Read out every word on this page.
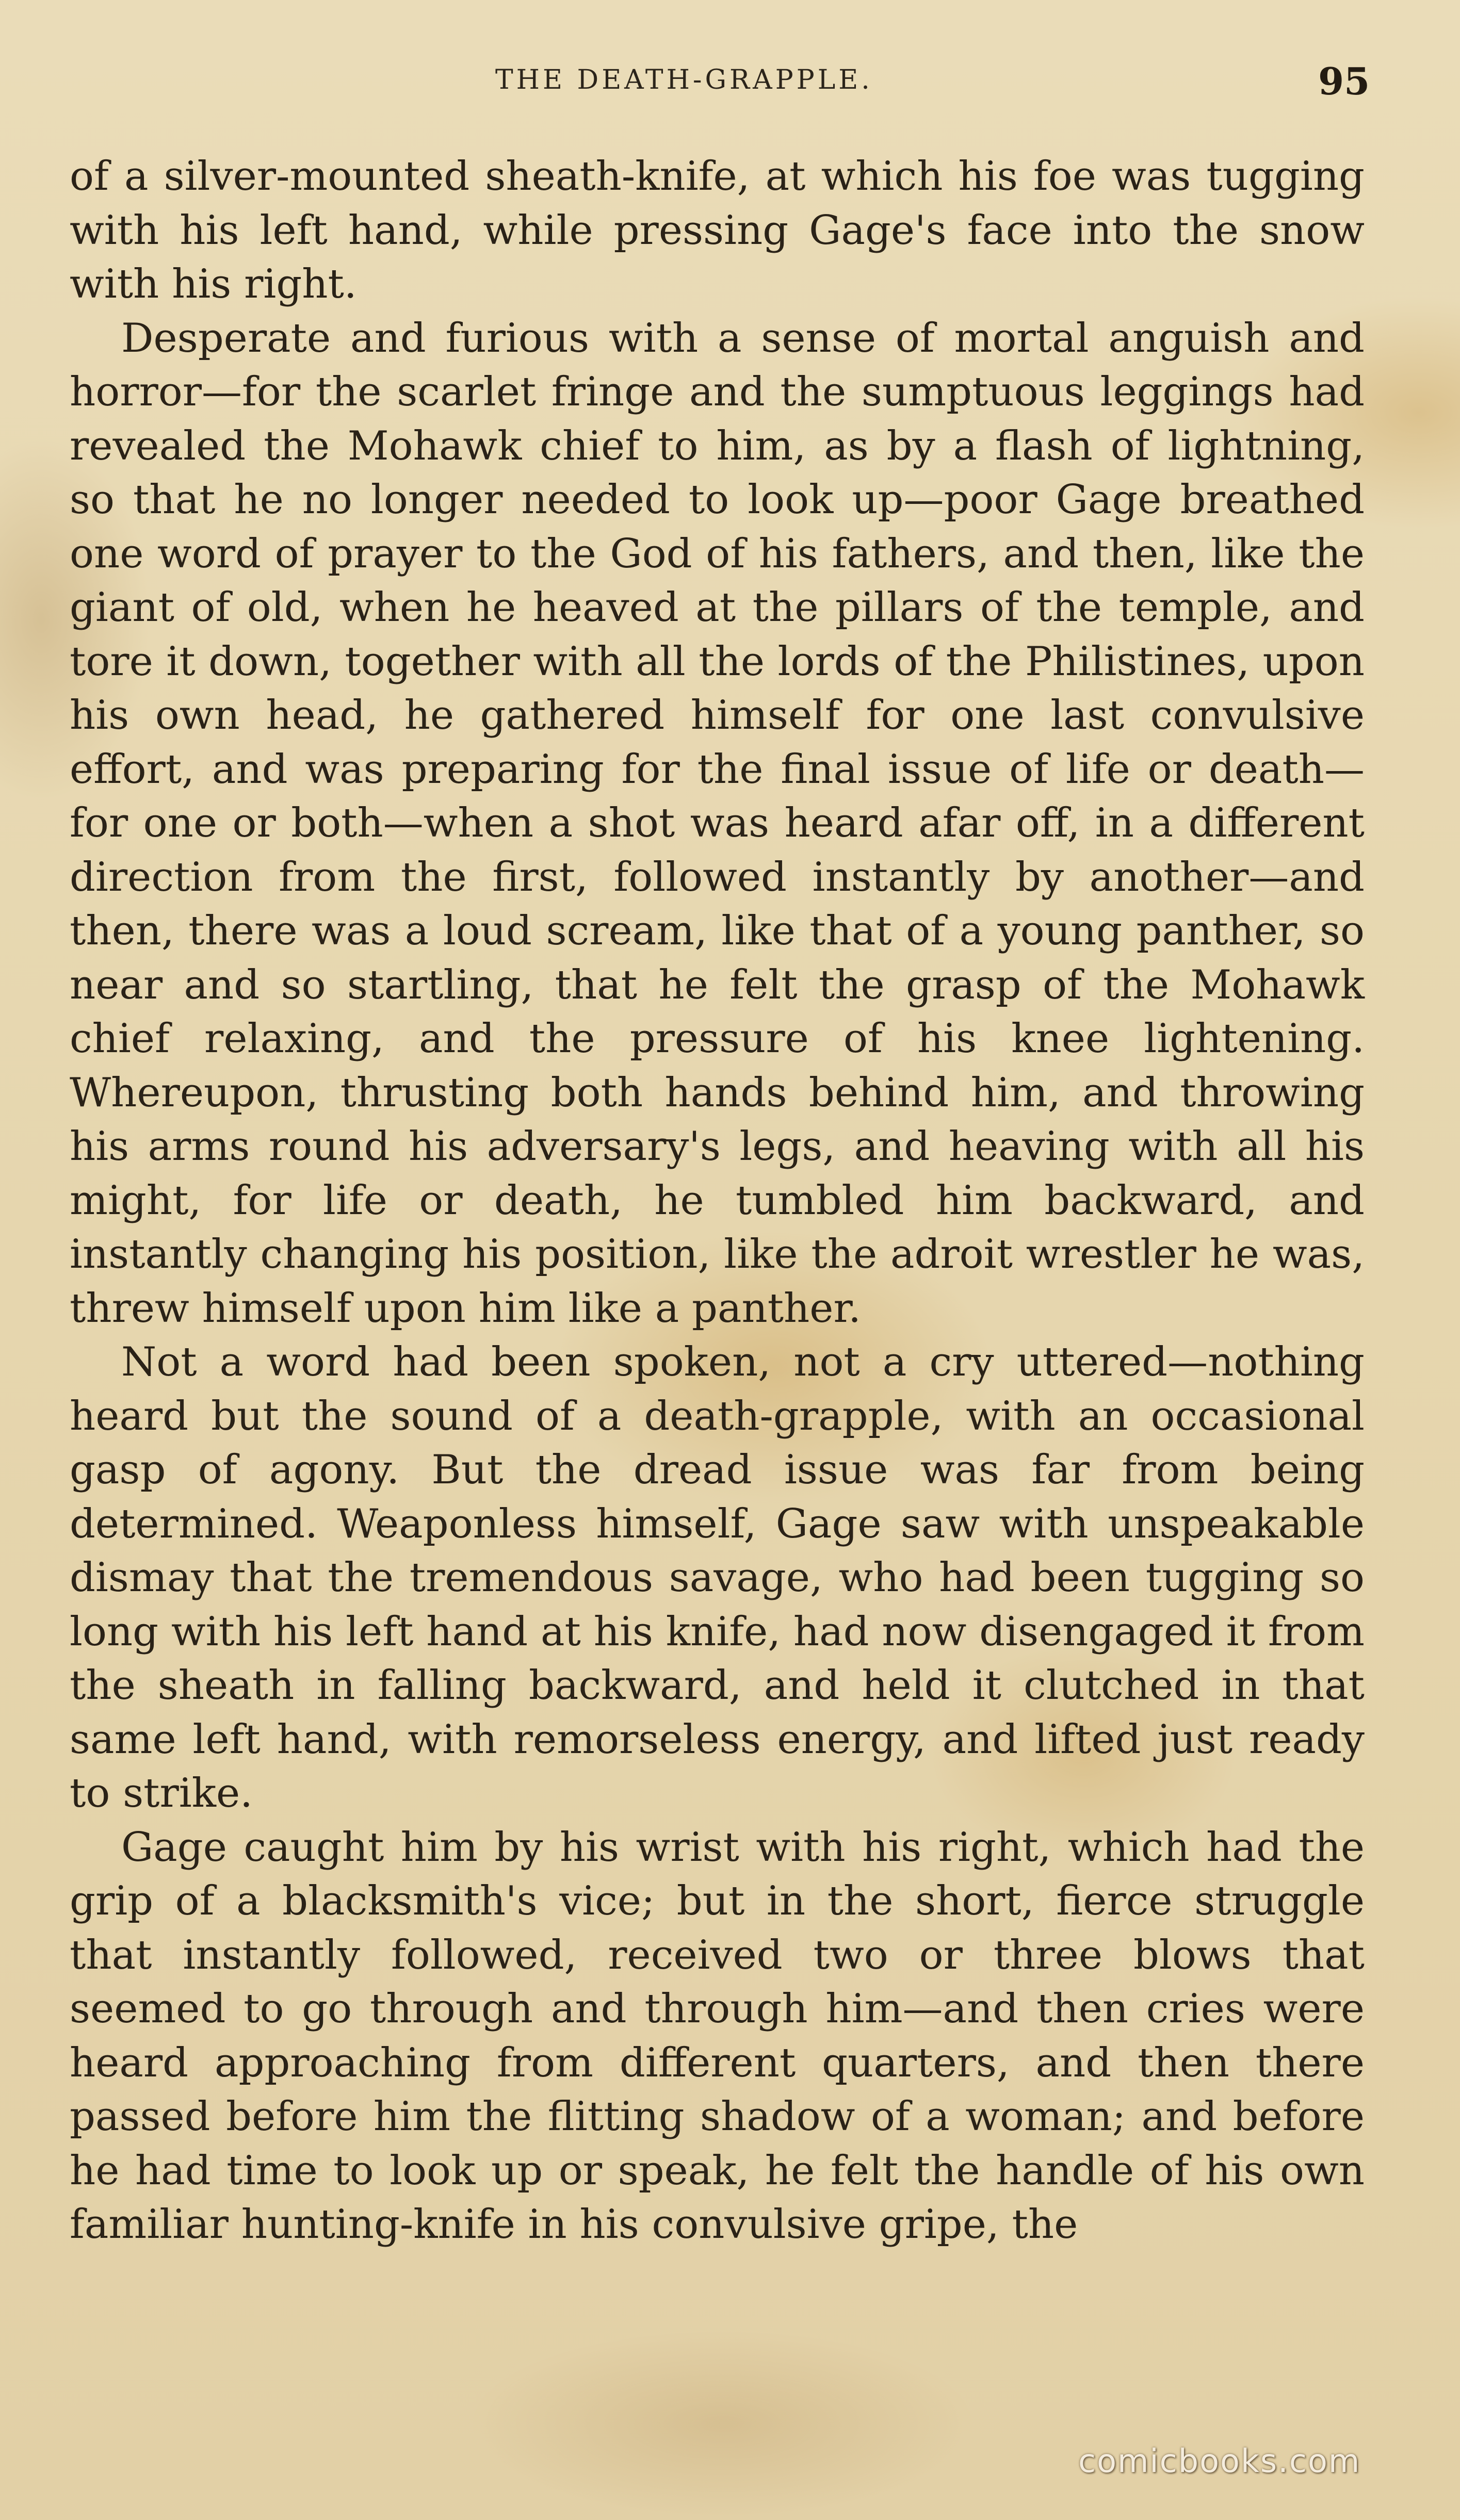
THE DEATH-GRAPPLE.	95

of a silver-mounted sheath-knife, at which his foe was tugging with his left hand, while pressing Gage's face into the snow with his right.

Desperate and furious with a sense of mortal anguish and horror—for the scarlet fringe and the sumptuous leggings had revealed the Mohawk chief to him, as by a flash of lightning, so that he no longer needed to look up—poor Gage breathed one word of prayer to the God of his fathers, and then, like the giant of old, when he heaved at the pillars of the temple, and tore it down, together with all the lords of the Philistines, upon his own head, he gathered himself for one last convulsive effort, and was preparing for the final issue of life or death—for one or both—when a shot was heard afar off, in a different direction from the first, followed instantly by another—and then, there was a loud scream, like that of a young panther, so near and so startling, that he felt the grasp of the Mohawk chief relaxing, and the pressure of his knee lightening. Whereupon, thrusting both hands behind him, and throwing his arms round his adversary's legs, and heaving with all his might, for life or death, he tumbled him backward, and instantly changing his position, like the adroit wrestler he was, threw himself upon him like a panther.

Not a word had been spoken, not a cry uttered—nothing heard but the sound of a death-grapple, with an occasional gasp of agony. But the dread issue was far from being determined. Weaponless himself, Gage saw with unspeakable dismay that the tremendous savage, who had been tugging so long with his left hand at his knife, had now disengaged it from the sheath in falling backward, and held it clutched in that same left hand, with remorseless energy, and lifted just ready to strike.

Gage caught him by his wrist with his right, which had the grip of a blacksmith's vice; but in the short, fierce struggle that instantly followed, received two or three blows that seemed to go through and through him—and then cries were heard approaching from different quarters, and then there passed before him the flitting shadow of a woman; and before he had time to look up or speak, he felt the handle of his own familiar hunting-knife in his convulsive gripe, the

comicbooks.com
